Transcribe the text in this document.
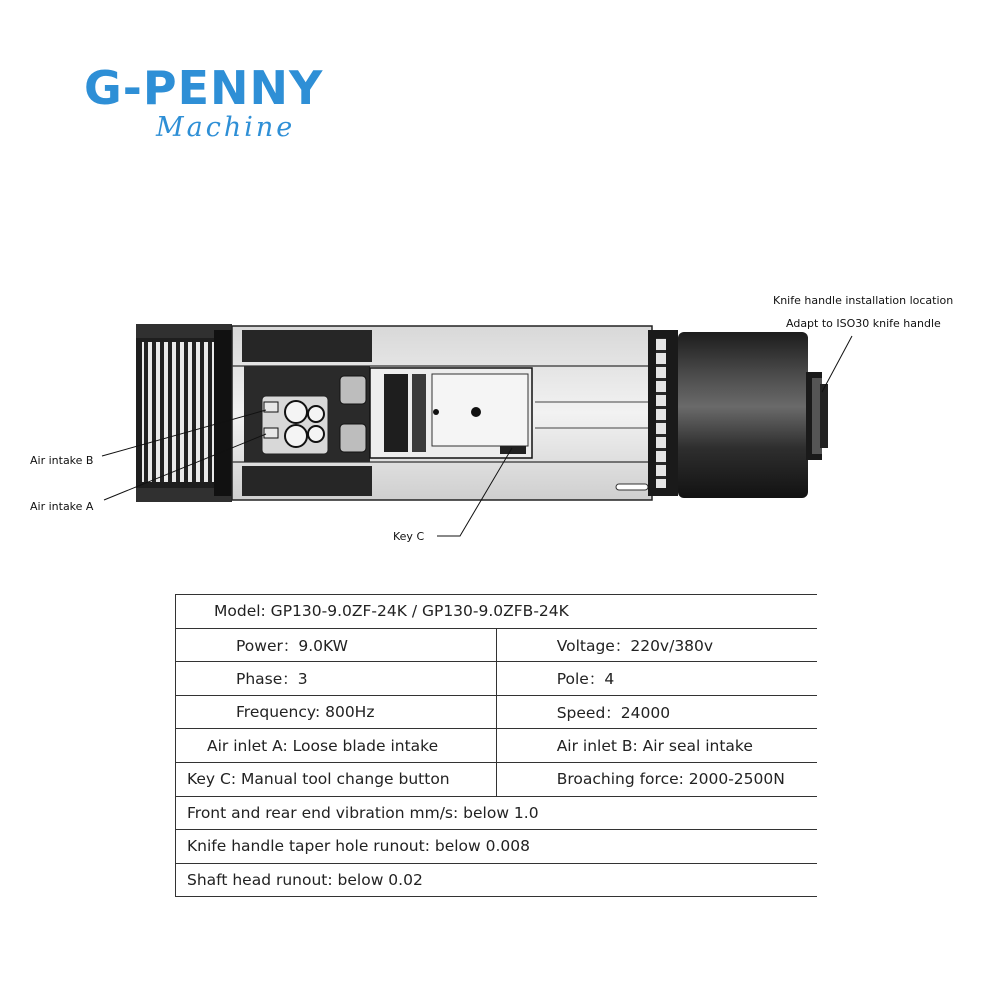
G-PENNY
Machine
Knife handle installation location
Adapt to ISO30 knife handle
Air intake B
Air intake A
Key C
Model: GP130-9.0ZF-24K / GP130-9.0ZFB-24K	
Power：9.0KW	Voltage：220v/380v
Phase：3	Pole：4
Frequency: 800Hz	Speed：24000
Air inlet A: Loose blade intake	Air inlet B: Air seal intake
Key C: Manual tool change button	Broaching force: 2000-2500N
Front and rear end vibration mm/s: below 1.0	
Knife handle taper hole runout: below 0.008	
Shaft head runout: below 0.02	
